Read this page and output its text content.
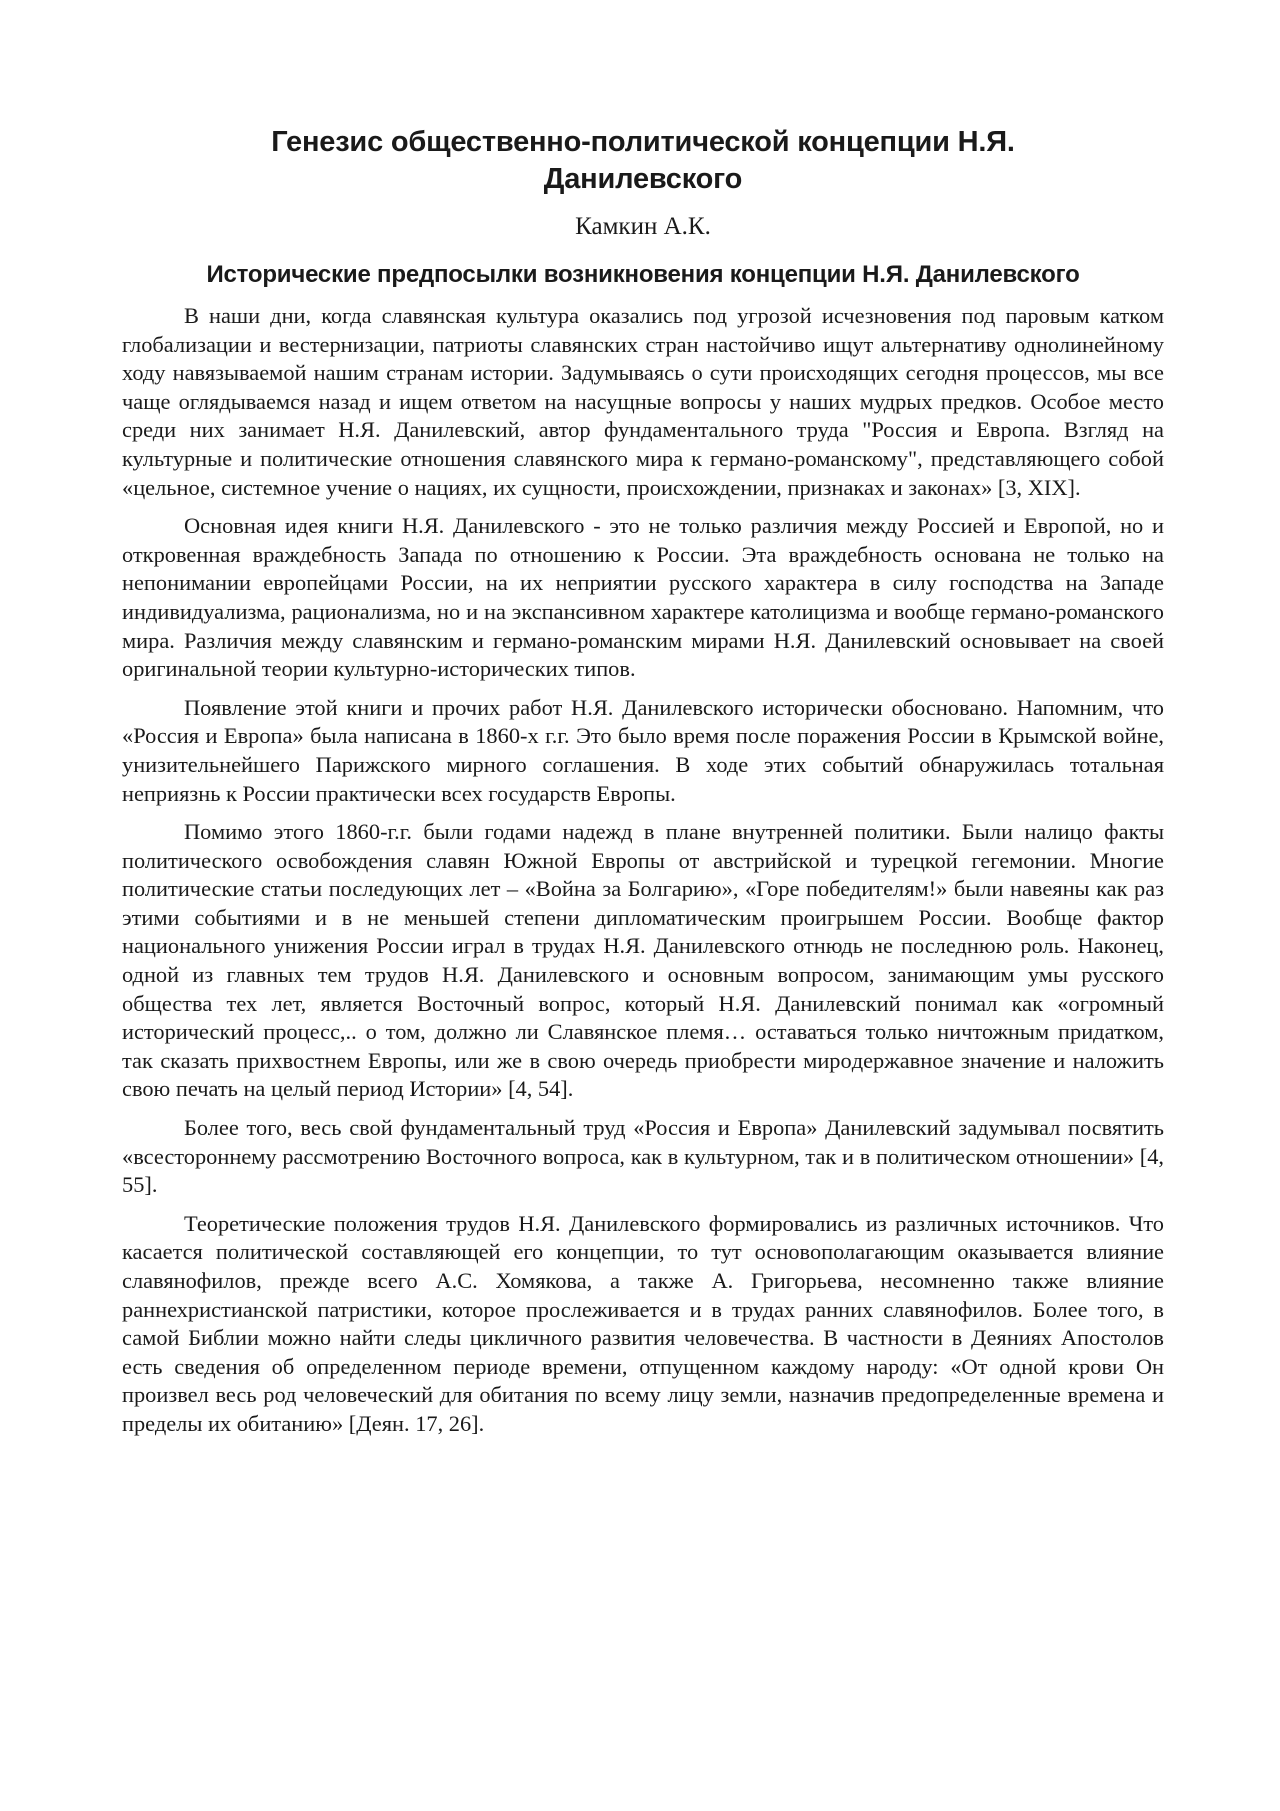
Генезис общественно-политической концепции Н.Я. Данилевского
Камкин А.К.
Исторические предпосылки возникновения концепции Н.Я. Данилевского

В наши дни, когда славянская культура оказались под угрозой исчезновения под паровым катком глобализации и вестернизации, патриоты славянских стран настойчиво ищут альтернативу однолинейному ходу навязываемой нашим странам истории. Задумываясь о сути происходящих сегодня процессов, мы все чаще оглядываемся назад и ищем ответом на насущные вопросы у наших мудрых предков. Особое место среди них занимает Н.Я. Данилевский, автор фундаментального труда "Россия и Европа. Взгляд на культурные и политические отношения славянского мира к германо-романскому", представляющего собой «цельное, системное учение о нациях, их сущности, происхождении, признаках и законах» [3, XIX].

Основная идея книги Н.Я. Данилевского - это не только различия между Россией и Европой, но и откровенная враждебность Запада по отношению к России. Эта враждебность основана не только на непонимании европейцами России, на их неприятии русского характера в силу господства на Западе индивидуализма, рационализма, но и на экспансивном характере католицизма и вообще германо-романского мира. Различия между славянским и германо-романским мирами Н.Я. Данилевский основывает на своей оригинальной теории культурно-исторических типов.

Появление этой книги и прочих работ Н.Я. Данилевского исторически обосновано. Напомним, что «Россия и Европа» была написана в 1860-х г.г. Это было время после поражения России в Крымской войне, унизительнейшего Парижского мирного соглашения. В ходе этих событий обнаружилась тотальная неприязнь к России практически всех государств Европы.

Помимо этого 1860-г.г. были годами надежд в плане внутренней политики. Были налицо факты политического освобождения славян Южной Европы от австрийской и турецкой гегемонии. Многие политические статьи последующих лет – «Война за Болгарию», «Горе победителям!» были навеяны как раз этими событиями и в не меньшей степени дипломатическим проигрышем России. Вообще фактор национального унижения России играл в трудах Н.Я. Данилевского отнюдь не последнюю роль. Наконец, одной из главных тем трудов Н.Я. Данилевского и основным вопросом, занимающим умы русского общества тех лет, является Восточный вопрос, который Н.Я. Данилевский понимал как «огромный исторический процесс,.. о том, должно ли Славянское племя… оставаться только ничтожным придатком, так сказать прихвостнем Европы, или же в свою очередь приобрести мирoдержавное значение и наложить свою печать на целый период Истории» [4, 54].

Более того, весь свой фундаментальный труд «Россия и Европа» Данилевский задумывал посвятить «всестороннему рассмотрению Восточного вопроса, как в культурном, так и в политическом отношении» [4, 55].

Теоретические положения трудов Н.Я. Данилевского формировались из различных источников. Что касается политической составляющей его концепции, то тут основополагающим оказывается влияние славянофилов, прежде всего А.С. Хомякова, а также А. Григорьева, несомненно также влияние раннехристианской патристики, которое прослеживается и в трудах ранних славянофилов. Более того, в самой Библии можно найти следы цикличного развития человечества. В частности в Деяниях Апостолов есть сведения об определенном периоде времени, отпущенном каждому народу: «От одной крови Он произвел весь род человеческий для обитания по всему лицу земли, назначив предопределенные времена и пределы их обитанию» [Деян. 17, 26].
